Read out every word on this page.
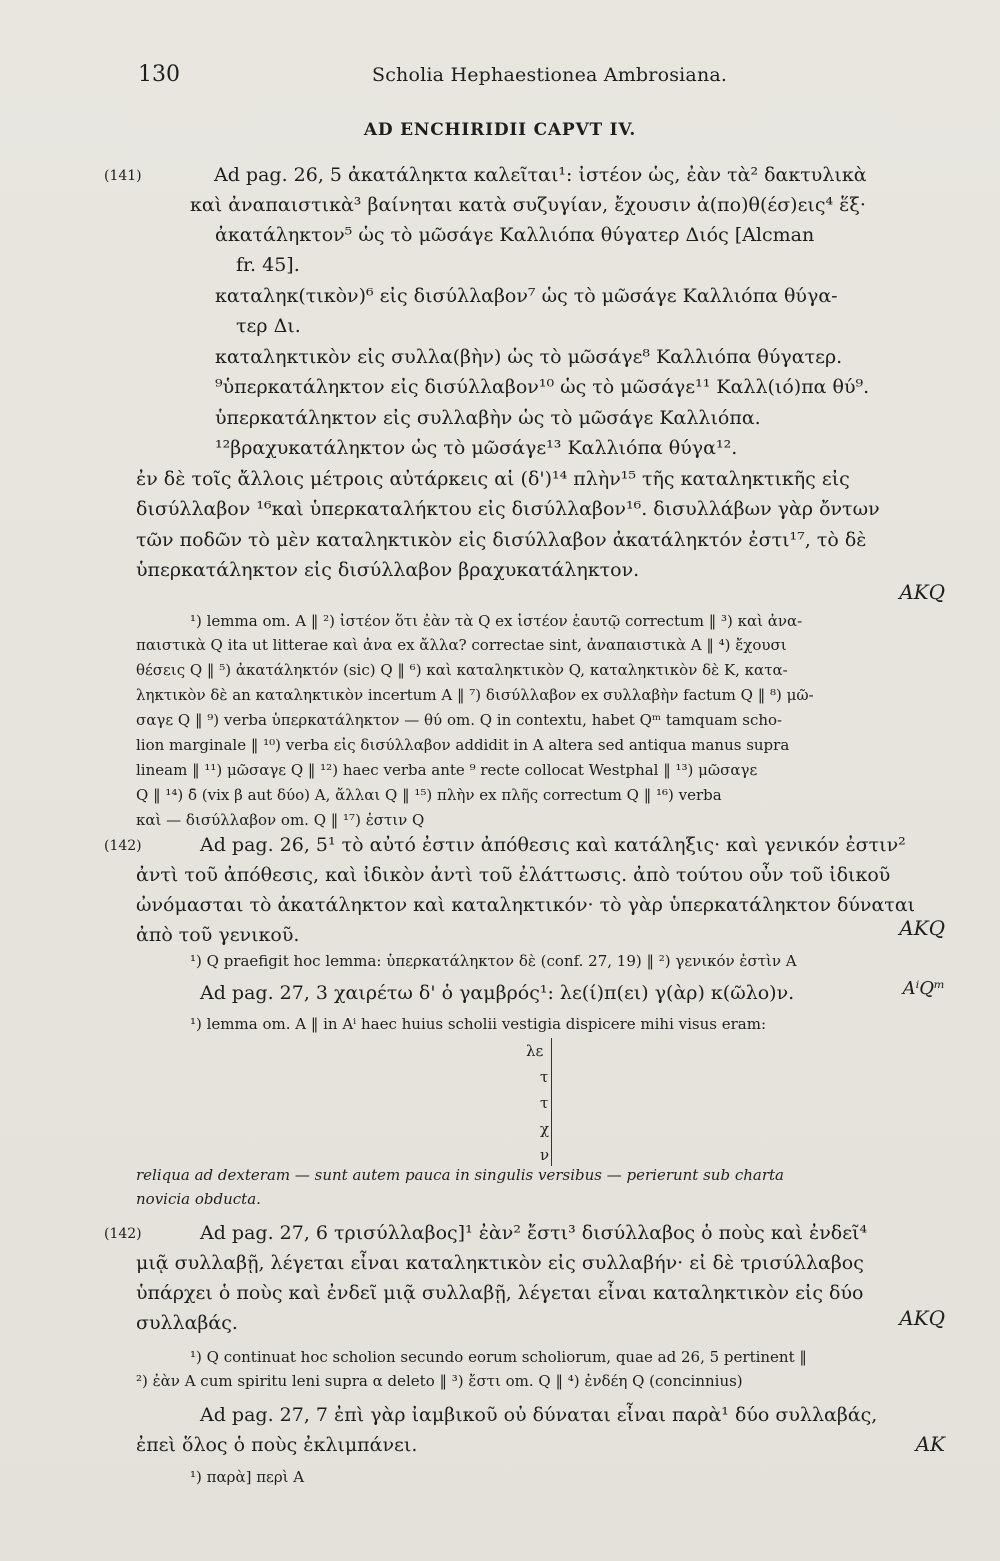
130	Scholia Hephaestionea Ambrosiana.
AD ENCHIRIDII CAPVT IV.
(141)	Ad pag. 26, 5 ἀκατάληκτα καλεῖται¹: ἰστέον ὡς, ἐὰν τὰ² δακτυλικὰ
καὶ ἀναπαιστικὰ³ βαίνηται κατὰ συζυγίαν, ἔχουσιν ἀ(πο)θ(έσ)εις⁴ ἕξ·
ἀκατάληκτον⁵ ὡς τὸ μῶσάγε Καλλιόπα θύγατερ Διός [Alcman
fr. 45].
καταληκ(τικὸν)⁶ εἰς δισύλλαβον⁷ ὡς τὸ μῶσάγε Καλλιόπα θύγα-
τερ Δι.
καταληκτικὸν εἰς συλλα(βὴν) ὡς τὸ μῶσάγε⁸ Καλλιόπα θύγατερ.
⁹ὑπερκατάληκτον εἰς δισύλλαβον¹⁰ ὡς τὸ μῶσάγε¹¹ Καλλ(ιό)πα θύ⁹.
ὑπερκατάληκτον εἰς συλλαβὴν ὡς τὸ μῶσάγε Καλλιόπα.
¹²βραχυκατάληκτον ὡς τὸ μῶσάγε¹³ Καλλιόπα θύγα¹².
ἐν δὲ τοῖς ἄλλοις μέτροις αὐτάρκεις αἱ (δ')¹⁴ πλὴν¹⁵ τῆς καταληκτικῆς εἰς
δισύλλαβον ¹⁶καὶ ὑπερκαταλήκτου εἰς δισύλλαβον¹⁶. δισυλλάβων γὰρ ὄντων
τῶν ποδῶν τὸ μὲν καταληκτικὸν εἰς δισύλλαβον ἀκατάληκτόν ἐστι¹⁷, τὸ δὲ
ὑπερκατάληκτον εἰς δισύλλαβον βραχυκατάληκτον.
AKQ
¹) lemma om. A ‖ ²) ἰστέον ὅτι ἐὰν τὰ Q ex ἰστέον ἑαυτῷ correctum ‖ ³) καὶ ἀνα-
παιστικὰ Q ita ut litterae καὶ ἀνα ex ἄλλα? correctae sint, ἀναπαιστικὰ A ‖ ⁴) ἔχουσι
θέσεις Q ‖ ⁵) ἀκατάληκτόν (sic) Q ‖ ⁶) καὶ καταληκτικὸν Q, καταληκτικὸν δὲ K, κατα-
ληκτικὸν δὲ an καταληκτικὸν incertum A ‖ ⁷) δισύλλαβον ex συλλαβὴν factum Q ‖ ⁸) μῶ-
σαγε Q ‖ ⁹) verba ὑπερκατάληκτον — θύ om. Q in contextu, habet Qᵐ tamquam scho-
lion marginale ‖ ¹⁰) verba εἰς δισύλλαβον addidit in A altera sed antiqua manus supra
lineam ‖ ¹¹) μῶσαγε Q ‖ ¹²) haec verba ante ⁹ recte collocat Westphal ‖ ¹³) μῶσαγε
Q ‖ ¹⁴) δ̄ (vix β aut δύο) A, ἄλλαι Q ‖ ¹⁵) πλὴν ex πλῆς correctum Q ‖ ¹⁶) verba
καὶ — δισύλλαβον om. Q ‖ ¹⁷) ἐστιν Q
(142)	Ad pag. 26, 5¹ τὸ αὐτό ἐστιν ἀπόθεσις καὶ κατάληξις· καὶ γενικόν ἐστιν²
ἀντὶ τοῦ ἀπόθεσις, καὶ ἰδικὸν ἀντὶ τοῦ ἐλάττωσις. ἀπὸ τούτου οὖν τοῦ ἰδικοῦ
ὠνόμασται τὸ ἀκατάληκτον καὶ καταληκτικόν· τὸ γὰρ ὑπερκατάληκτον δύναται
ἀπὸ τοῦ γενικοῦ.	AKQ
¹) Q praefigit hoc lemma: ὑπερκατάληκτον δὲ (conf. 27, 19) ‖ ²) γενικόν ἐστὶν A
Ad pag. 27, 3 χαιρέτω δ' ὁ γαμβρός¹: λε(ί)π(ει) γ(ὰρ) κ(ῶλο)ν.	AⁱQᵐ
¹) lemma om. A ‖ in Aⁱ haec huius scholii vestigia dispicere mihi visus eram:
λε
τ
τ
χ
ν
reliqua ad dexteram — sunt autem pauca in singulis versibus — perierunt sub charta
novicia obducta.
(142)	Ad pag. 27, 6 τρισύλλαβος]¹ ἐὰν² ἔστι³ δισύλλαβος ὁ ποὺς καὶ ἐνδεῖ⁴
μιᾷ συλλαβῇ, λέγεται εἶναι καταληκτικὸν εἰς συλλαβήν· εἰ δὲ τρισύλλαβος
ὑπάρχει ὁ ποὺς καὶ ἐνδεῖ μιᾷ συλλαβῇ, λέγεται εἶναι καταληκτικὸν εἰς δύο
συλλαβάς.	AKQ
¹) Q continuat hoc scholion secundo eorum scholiorum, quae ad 26, 5 pertinent ‖
²) ἐὰν A cum spiritu leni supra α deleto ‖ ³) ἔστι om. Q ‖ ⁴) ἐνδέη Q (concinnius)
Ad pag. 27, 7 ἐπὶ γὰρ ἰαμβικοῦ οὐ δύναται εἶναι παρὰ¹ δύο συλλαβάς,
ἐπεὶ ὅλος ὁ ποὺς ἐκλιμπάνει.	AK
¹) παρὰ] περὶ A
